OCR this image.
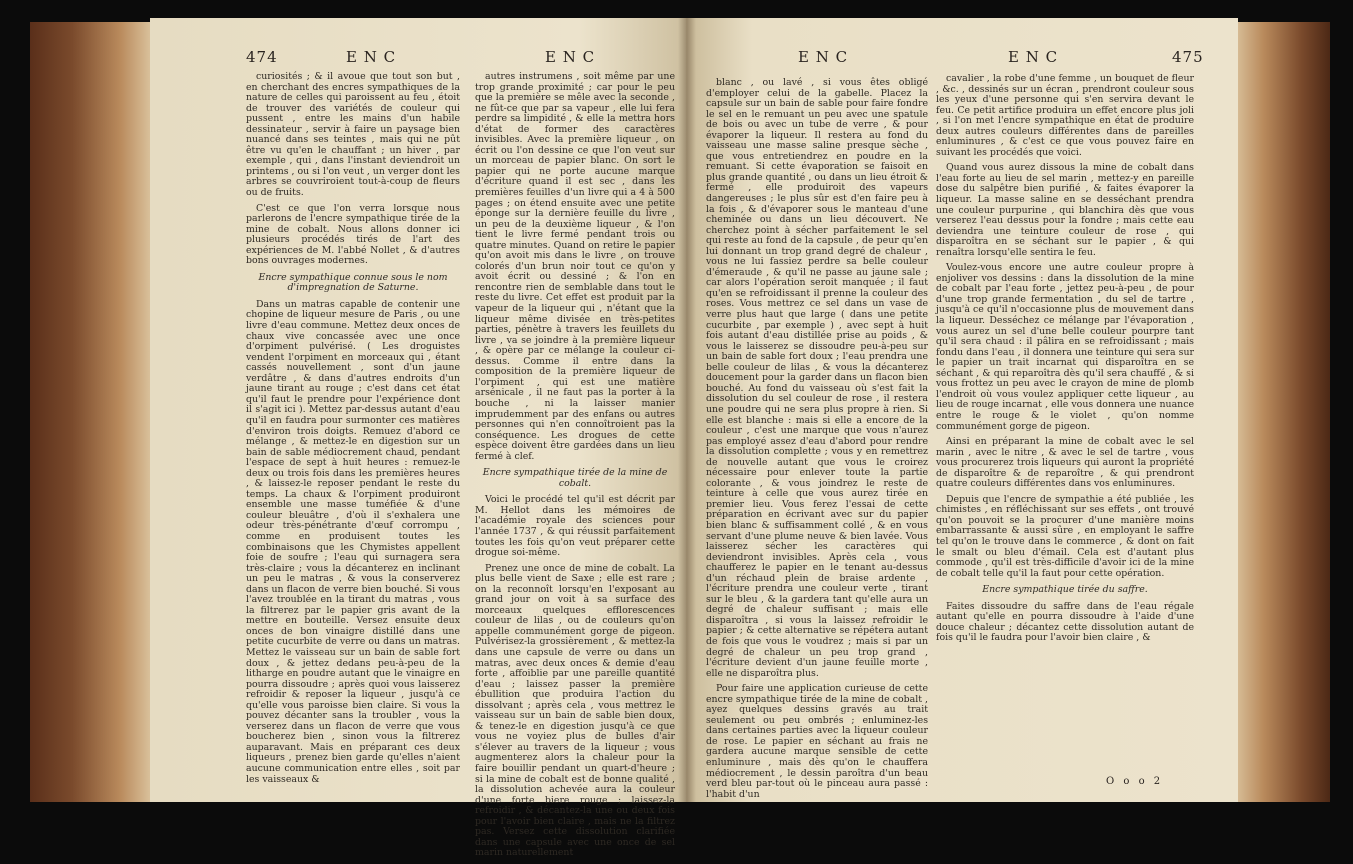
474	E N C	E N C

curiosités ; & il avoue que tout son but , en cherchant des encres sympathiques de la nature de celles qui paroissent au feu , étoit de trouver des variétés de couleur qui pussent , entre les mains d'un habile dessinateur , servir à faire un paysage bien nuancé dans ses teintes , mais qui ne pût être vu qu'en le chauffant ; un hiver , par exemple , qui , dans l'instant deviendroit un printems , ou si l'on veut , un verger dont les arbres se couvriroient tout-à-coup de fleurs ou de fruits.

C'est ce que l'on verra lorsque nous parlerons de l'encre sympathique tirée de la mine de cobalt. Nous allons donner ici plusieurs procédés tirés de l'art des expériences de M. l'abbé Nollet , & d'autres bons ouvrages modernes.

Encre sympathique connue sous le nom d'impregnation de Saturne.

Dans un matras capable de contenir une chopine de liqueur mesure de Paris , ou une livre d'eau commune. Mettez deux onces de chaux vive concassée avec une once d'orpiment pulvérisé. ( Les droguistes vendent l'orpiment en morceaux qui , étant cassés nouvellement , sont d'un jaune verdâtre , & dans d'autres endroits d'un jaune tirant au rouge ; c'est dans cet état qu'il faut le prendre pour l'expérience dont il s'agit ici ). Mettez par-dessus autant d'eau qu'il en faudra pour surmonter ces matières d'environ trois doigts. Remuez d'abord ce mélange , & mettez-le en digestion sur un bain de sable médiocrement chaud, pendant l'espace de sept à huit heures : remuez-le deux ou trois fois dans les premières heures , & laissez-le reposer pendant le reste du temps. La chaux & l'orpiment produiront ensemble une masse tuméfiée & d'une couleur bleuâtre , d'où il s'exhalera une odeur très-pénétrante d'œuf corrompu , comme en produisent toutes les combinaisons que les Chymistes appellent foie de soufre ; l'eau qui surnagera sera très-claire ; vous la décanterez en inclinant un peu le matras , & vous la conserverez dans un flacon de verre bien bouché. Si vous l'avez troublée en la tirant du matras , vous la filtrerez par le papier gris avant de la mettre en bouteille. Versez ensuite deux onces de bon vinaigre distillé dans une petite cucurbite de verre ou dans un matras. Mettez le vaisseau sur un bain de sable fort doux , & jettez dedans peu-à-peu de la litharge en poudre autant que le vinaigre en pourra dissoudre ; après quoi vous laisserez refroidir & reposer la liqueur , jusqu'à ce qu'elle vous paroisse bien claire. Si vous la pouvez décanter sans la troubler , vous la verserez dans un flacon de verre que vous boucherez bien , sinon vous la filtrerez auparavant. Mais en préparant ces deux liqueurs , prenez bien garde qu'elles n'aient aucune communication entre elles , soit par les vaisseaux &

autres instrumens , soit même par une trop grande proximité ; car pour le peu que la première se mêle avec la seconde , ne fût-ce que par sa vapeur , elle lui fera perdre sa limpidité , & elle la mettra hors d'état de former des caractères invisibles. Avec la première liqueur , on écrit ou l'on dessine ce que l'on veut sur un morceau de papier blanc. On sort le papier qui ne porte aucune marque d'écriture quand il est sec , dans les premières feuilles d'un livre qui a 4 à 500 pages ; on étend ensuite avec une petite éponge sur la dernière feuille du livre , un peu de la deuxième liqueur , & l'on tient le livre fermé pendant trois ou quatre minutes. Quand on retire le papier qu'on avoit mis dans le livre , on trouve colorés d'un brun noir tout ce qu'on y avoit écrit ou dessiné ; & l'on en rencontre rien de semblable dans tout le reste du livre. Cet effet est produit par la vapeur de la liqueur qui , n'étant que la liqueur même divisée en très-petites parties, pénètre à travers les feuillets du livre , va se joindre à la première liqueur , & opère par ce mélange la couleur ci-dessus. Comme il entre dans la composition de la première liqueur de l'orpiment , qui est une matière arsénicale , il ne faut pas la porter à la bouche , ni la laisser manier imprudemment par des enfans ou autres personnes qui n'en connoîtroient pas la conséquence. Les drogues de cette espèce doivent être gardées dans un lieu fermé à clef.

Encre sympathique tirée de la mine de cobalt.

Voici le procédé tel qu'il est décrit par M. Hellot dans les mémoires de l'académie royale des sciences pour l'année 1737 , & qui réussit parfaitement toutes les fois qu'on veut préparer cette drogue soi-même.

Prenez une once de mine de cobalt. La plus belle vient de Saxe ; elle est rare ; on la reconnoît lorsqu'en l'exposant au grand jour on voit à sa surface des morceaux quelques efflorescences couleur de lilas , ou de couleurs qu'on appelle communément gorge de pigeon. Pulvérisez-la grossièrement , & mettez-la dans une capsule de verre ou dans un matras, avec deux onces & demie d'eau forte , affoiblie par une pareille quantité d'eau ; laissez passer la première ébullition que produira l'action du dissolvant ; après cela , vous mettrez le vaisseau sur un bain de sable bien doux, & tenez-le en digestion jusqu'à ce que vous ne voyiez plus de bulles d'air s'élever au travers de la liqueur ; vous augmenterez alors la chaleur pour la faire bouillir pendant un quart-d'heure ; si la mine de cobalt est de bonne qualité , la dissolution achevée aura la couleur d'une forte biere rouge ; laissez-la refroidir , & décantez-la une ou deux fois pour l'avoir bien claire , mais ne la filtrez pas. Versez cette dissolution clarifiée dans une capsule avec une once de sel marin naturellement

E N C	E N C	475

blanc , ou lavé , si vous êtes obligé d'employer celui de la gabelle. Placez la capsule sur un bain de sable pour faire fondre le sel en le remuant un peu avec une spatule de bois ou avec un tube de verre , & pour évaporer la liqueur. Il restera au fond du vaisseau une masse saline presque sèche , que vous entretiendrez en poudre en la remuant. Si cette évaporation se faisoit en plus grande quantité , ou dans un lieu étroit & fermé , elle produiroit des vapeurs dangereuses ; le plus sûr est d'en faire peu à la fois , & d'évaporer sous le manteau d'une cheminée ou dans un lieu découvert. Ne cherchez point à sécher parfaitement le sel qui reste au fond de la capsule , de peur qu'en lui donnant un trop grand degré de chaleur , vous ne lui fassiez perdre sa belle couleur d'émeraude , & qu'il ne passe au jaune sale ; car alors l'opération seroit manquée ; il faut qu'en se refroidissant il prenne la couleur des roses. Vous mettrez ce sel dans un vase de verre plus haut que large ( dans une petite cucurbite , par exemple ) , avec sept à huit fois autant d'eau distillée prise au poids , & vous le laisserez se dissoudre peu-à-peu sur un bain de sable fort doux ; l'eau prendra une belle couleur de lilas , & vous la décanterez doucement pour la garder dans un flacon bien bouché. Au fond du vaisseau où s'est fait la dissolution du sel couleur de rose , il restera une poudre qui ne sera plus propre à rien. Si elle est blanche : mais si elle a encore de la couleur , c'est une marque que vous n'aurez pas employé assez d'eau d'abord pour rendre la dissolution complette ; vous y en remettrez de nouvelle autant que vous le croirez nécessaire pour enlever toute la partie colorante , & vous joindrez le reste de teinture à celle que vous aurez tirée en premier lieu. Vous ferez l'essai de cette préparation en écrivant avec sur du papier bien blanc & suffisamment collé , & en vous servant d'une plume neuve & bien lavée. Vous laisserez sécher les caractères qui deviendront invisibles. Après cela , vous chaufferez le papier en le tenant au-dessus d'un réchaud plein de braise ardente , l'écriture prendra une couleur verte , tirant sur le bleu , & la gardera tant qu'elle aura un degré de chaleur suffisant ; mais elle disparoîtra , si vous la laissez refroidir le papier ; & cette alternative se répétera autant de fois que vous le voudrez ; mais si par un degré de chaleur un peu trop grand , l'écriture devient d'un jaune feuille morte , elle ne disparoîtra plus.

Pour faire une application curieuse de cette encre sympathique tirée de la mine de cobalt , ayez quelques dessins gravés au trait seulement ou peu ombrés ; enluminez-les dans certaines parties avec la liqueur couleur de rose. Le papier en séchant au frais ne gardera aucune marque sensible de cette enluminure , mais dès qu'on le chauffera médiocrement , le dessin paroîtra d'un beau verd bleu par-tout où le pinceau aura passé : l'habit d'un

cavalier , la robe d'une femme , un bouquet de fleur , &c. , dessinés sur un écran , prendront couleur sous les yeux d'une personne qui s'en servira devant le feu. Ce petit artifice produira un effet encore plus joli , si l'on met l'encre sympathique en état de produire deux autres couleurs différentes dans de pareilles enluminures , & c'est ce que vous pouvez faire en suivant les procédés que voici.

Quand vous aurez dissous la mine de cobalt dans l'eau forte au lieu de sel marin , mettez-y en pareille dose du salpêtre bien purifié , & faites évaporer la liqueur. La masse saline en se desséchant prendra une couleur purpurine , qui blanchira dès que vous verserez l'eau dessus pour la fondre ; mais cette eau deviendra une teinture couleur de rose , qui disparoîtra en se séchant sur le papier , & qui renaîtra lorsqu'elle sentira le feu.

Voulez-vous encore une autre couleur propre à enjoliver vos dessins : dans la dissolution de la mine de cobalt par l'eau forte , jettez peu-à-peu , de pour d'une trop grande fermentation , du sel de tartre , jusqu'à ce qu'il n'occasionne plus de mouvement dans la liqueur. Desséchez ce mélange par l'évaporation , vous aurez un sel d'une belle couleur pourpre tant qu'il sera chaud : il pâlira en se refroidissant ; mais fondu dans l'eau , il donnera une teinture qui sera sur le papier un trait incarnat qui disparoîtra en se séchant , & qui reparoîtra dès qu'il sera chauffé , & si vous frottez un peu avec le crayon de mine de plomb l'endroit où vous voulez appliquer cette liqueur , au lieu de rouge incarnat , elle vous donnera une nuance entre le rouge & le violet , qu'on nomme communément gorge de pigeon.

Ainsi en préparant la mine de cobalt avec le sel marin , avec le nitre , & avec le sel de tartre , vous vous procurerez trois liqueurs qui auront la propriété de disparoître & de reparoître , & qui prendront quatre couleurs différentes dans vos enluminures.

Depuis que l'encre de sympathie a été publiée , les chimistes , en réfléchissant sur ses effets , ont trouvé qu'on pouvoit se la procurer d'une manière moins embarrassante & aussi sûre , en employant le saffre tel qu'on le trouve dans le commerce , & dont on fait le smalt ou bleu d'émail. Cela est d'autant plus commode , qu'il est très-difficile d'avoir ici de la mine de cobalt telle qu'il la faut pour cette opération.

Encre sympathique tirée du saffre.

Faites dissoudre du saffre dans de l'eau régale autant qu'elle en pourra dissoudre à l'aide d'une douce chaleur ; décantez cette dissolution autant de fois qu'il le faudra pour l'avoir bien claire , &

O o o 2
